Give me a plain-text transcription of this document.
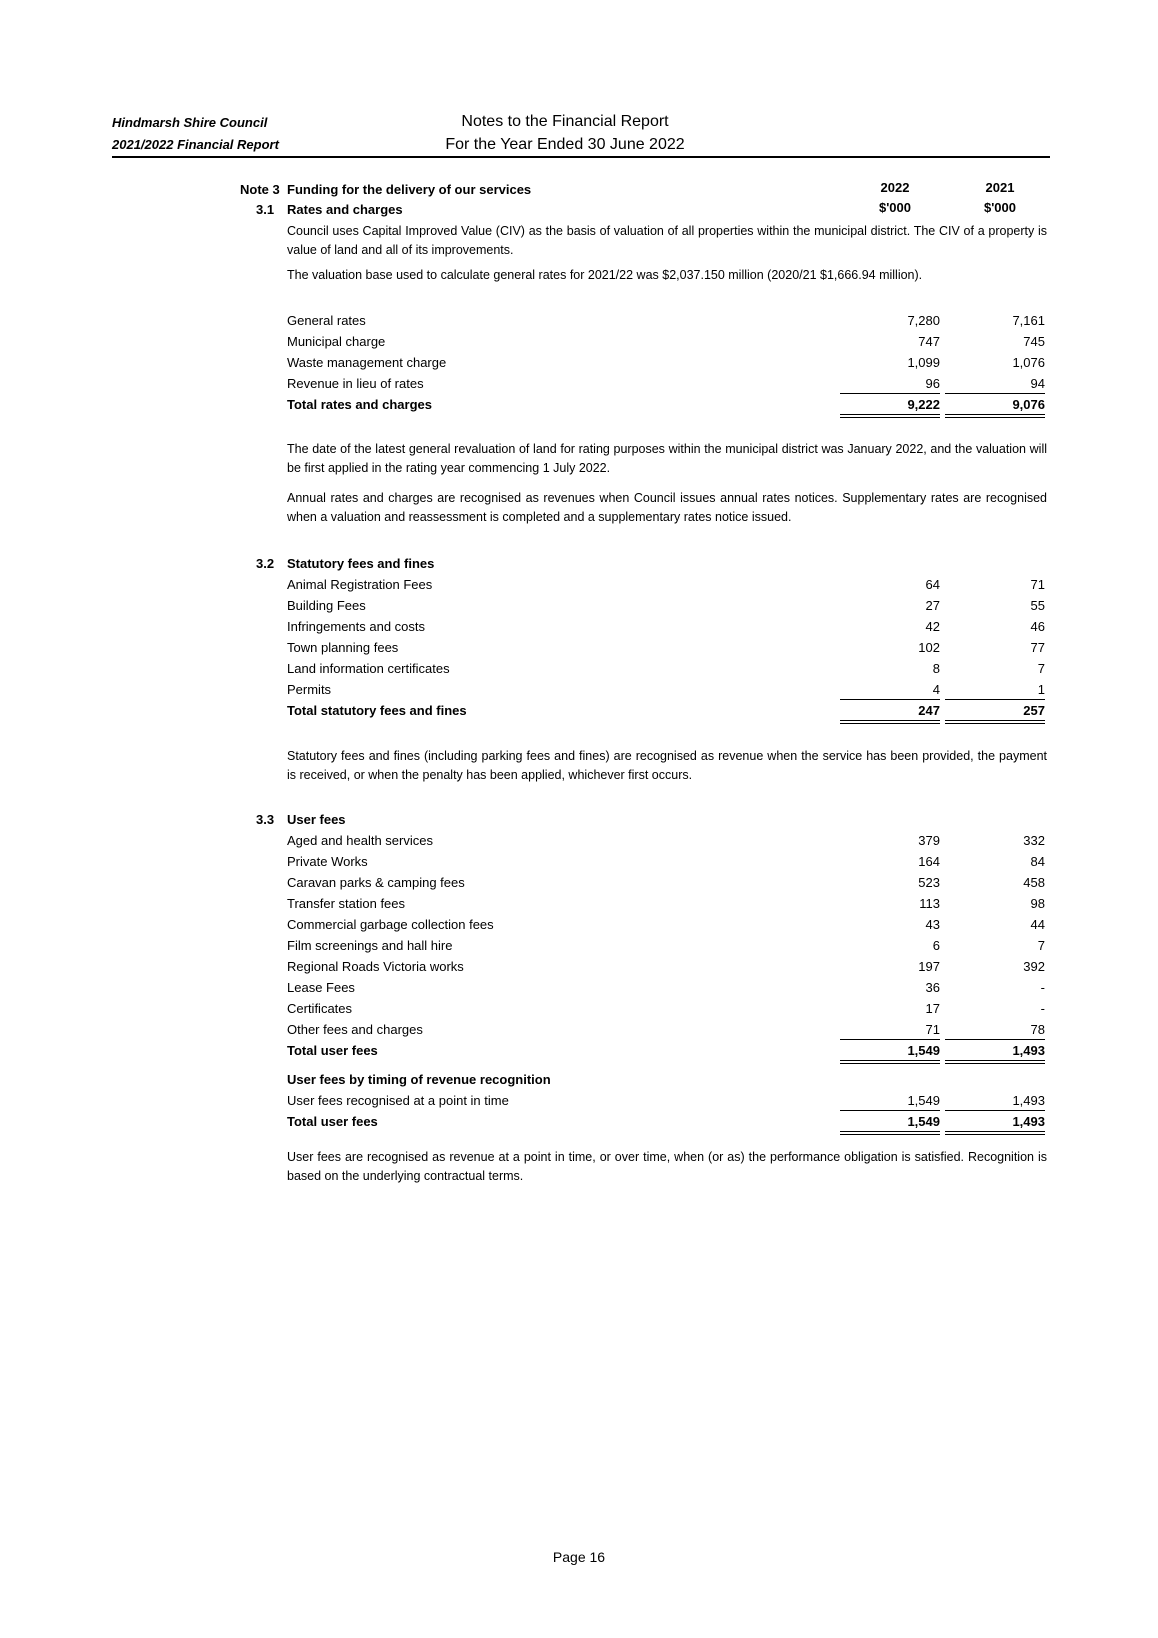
Hindmarsh Shire Council
2021/2022 Financial Report
Notes to the Financial Report
For the Year Ended 30 June 2022
Note 3 Funding for the delivery of our services	2022	2021
$'000	$'000
3.1 Rates and charges
Council uses Capital Improved Value (CIV) as the basis of valuation of all properties within the municipal district. The CIV of a property is value of land and all of its improvements.
The valuation base used to calculate general rates for 2021/22 was $2,037.150 million (2020/21 $1,666.94 million).
General rates	7,280	7,161
Municipal charge	747	745
Waste management charge	1,099	1,076
Revenue in lieu of rates	96	94
Total rates and charges	9,222	9,076
The date of the latest general revaluation of land for rating purposes within the municipal district was January 2022, and the valuation will be first applied in the rating year commencing 1 July 2022.
Annual rates and charges are recognised as revenues when Council issues annual rates notices. Supplementary rates are recognised when a valuation and reassessment is completed and a supplementary rates notice issued.
3.2 Statutory fees and fines
Animal Registration Fees	64	71
Building Fees	27	55
Infringements and costs	42	46
Town planning fees	102	77
Land information certificates	8	7
Permits	4	1
Total statutory fees and fines	247	257
Statutory fees and fines (including parking fees and fines) are recognised as revenue when the service has been provided, the payment is received, or when the penalty has been applied, whichever first occurs.
3.3 User fees
Aged and health services	379	332
Private Works	164	84
Caravan parks & camping fees	523	458
Transfer station fees	113	98
Commercial garbage collection fees	43	44
Film screenings and hall hire	6	7
Regional Roads Victoria works	197	392
Lease Fees	36	-
Certificates	17	-
Other fees and charges	71	78
Total user fees	1,549	1,493
User fees by timing of revenue recognition
User fees recognised at a point in time	1,549	1,493
Total user fees	1,549	1,493
User fees are recognised as revenue at a point in time, or over time, when (or as) the performance obligation is satisfied. Recognition is based on the underlying contractual terms.
Page 16
